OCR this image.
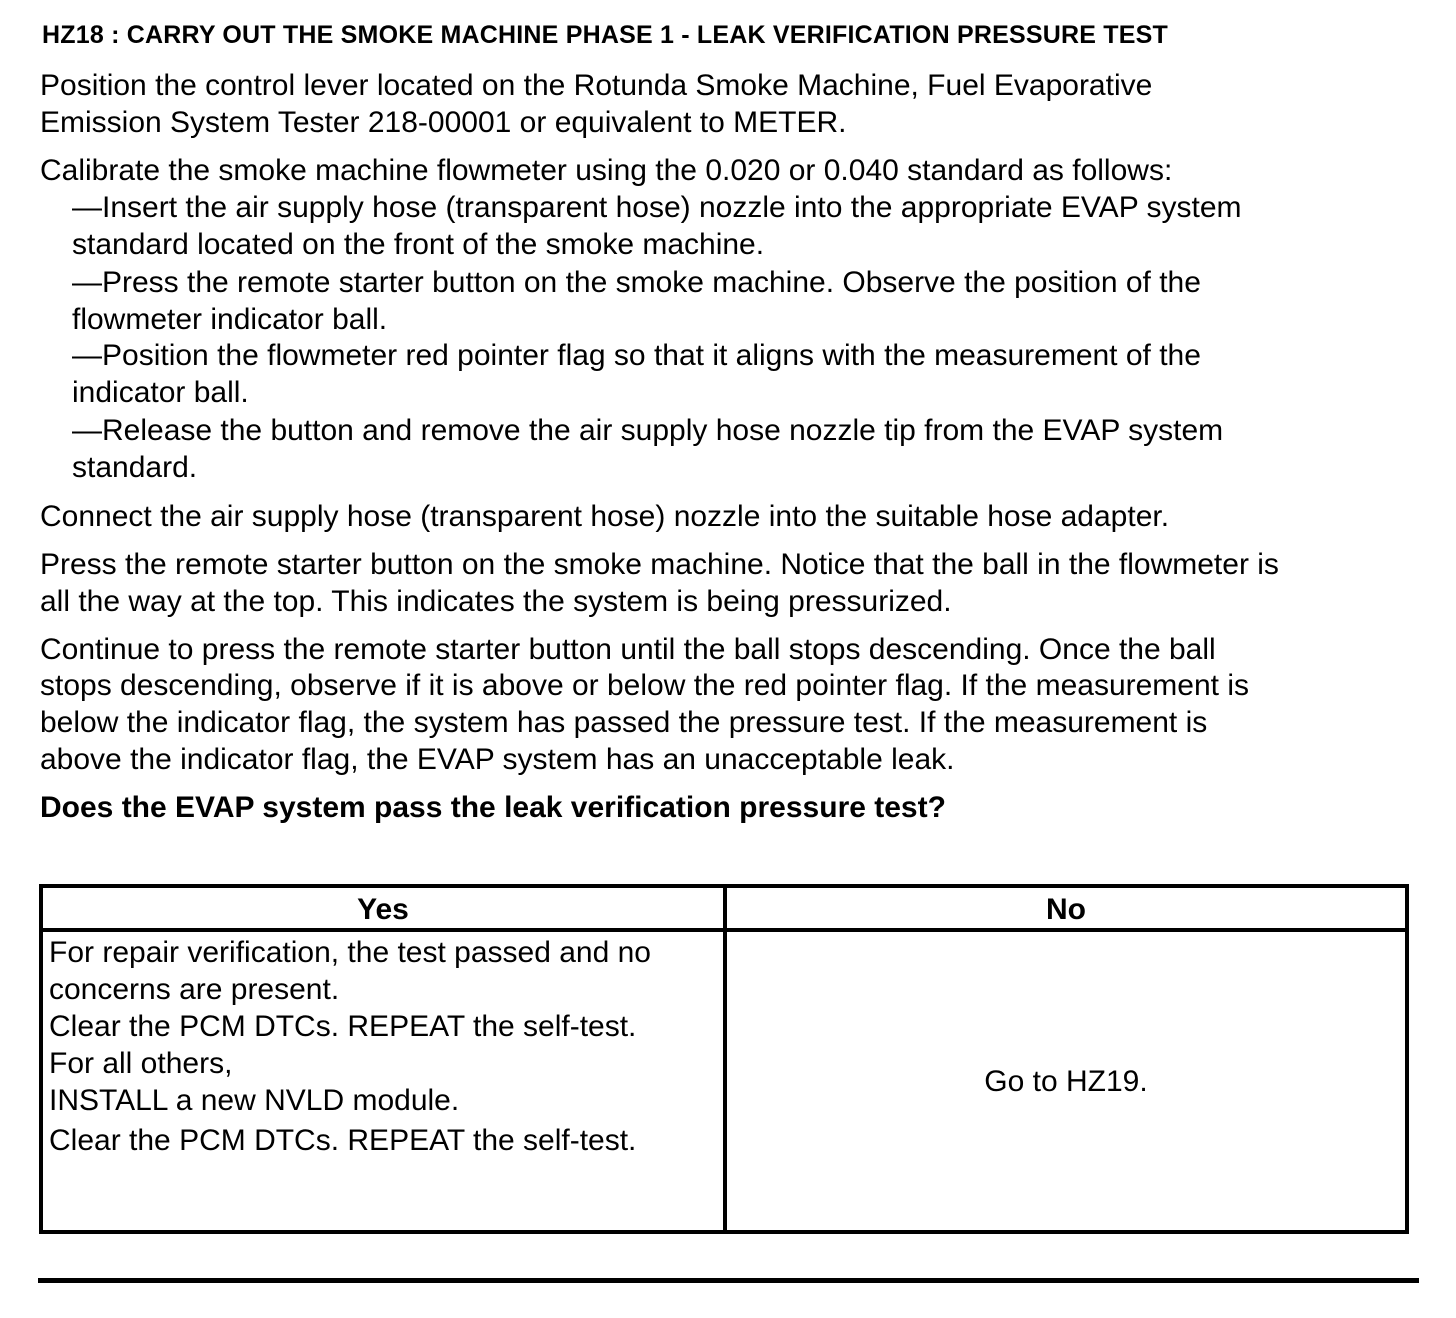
HZ18 : CARRY OUT THE SMOKE MACHINE PHASE 1 - LEAK VERIFICATION PRESSURE TEST
Position the control lever located on the Rotunda Smoke Machine, Fuel Evaporative
Emission System Tester 218-00001 or equivalent to METER.
Calibrate the smoke machine flowmeter using the 0.020 or 0.040 standard as follows:
—Insert the air supply hose (transparent hose) nozzle into the appropriate EVAP system
standard located on the front of the smoke machine.
—Press the remote starter button on the smoke machine. Observe the position of the
flowmeter indicator ball.
—Position the flowmeter red pointer flag so that it aligns with the measurement of the
indicator ball.
—Release the button and remove the air supply hose nozzle tip from the EVAP system
standard.
Connect the air supply hose (transparent hose) nozzle into the suitable hose adapter.
Press the remote starter button on the smoke machine. Notice that the ball in the flowmeter is
all the way at the top. This indicates the system is being pressurized.
Continue to press the remote starter button until the ball stops descending. Once the ball
stops descending, observe if it is above or below the red pointer flag. If the measurement is
below the indicator flag, the system has passed the pressure test. If the measurement is
above the indicator flag, the EVAP system has an unacceptable leak.
Does the EVAP system pass the leak verification pressure test?
Yes	No
For repair verification, the test passed and no
concerns are present.
Clear the PCM DTCs. REPEAT the self-test.
For all others,
INSTALL a new NVLD module.
Clear the PCM DTCs. REPEAT the self-test.
Go to HZ19.
